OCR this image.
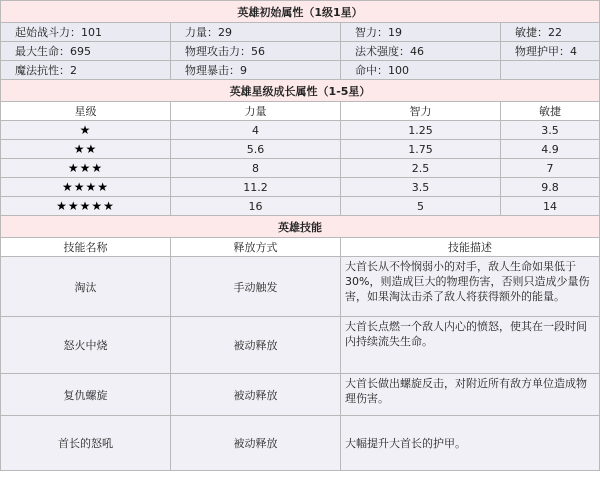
英雄初始属性（1级1星）			
起始战斗力：101	力量：29	智力：19	敏捷：22
最大生命：695	物理攻击力：56	法术强度：46	物理护甲：4
魔法抗性：2	物理暴击：9	命中：100	
英雄星级成长属性（1-5星）			
星级	力量	智力	敏捷
★	4	1.25	3.5
★★	5.6	1.75	4.9
★★★	8	2.5	7
★★★★	11.2	3.5	9.8
★★★★★	16	5	14
英雄技能			
技能名称	释放方式	技能描述	
淘汰	手动触发	大首长从不怜悯弱小的对手，敌人生命如果低于30%，则造成巨大的物理伤害，否则只造成少量伤害，如果淘汰击杀了敌人将获得额外的能量。	
怒火中烧	被动释放	大首长点燃一个敌人内心的愤怒，使其在一段时间内持续流失生命。	
复仇螺旋	被动释放	大首长做出螺旋反击，对附近所有敌方单位造成物理伤害。	
首长的怒吼	被动释放	大幅提升大首长的护甲。	
